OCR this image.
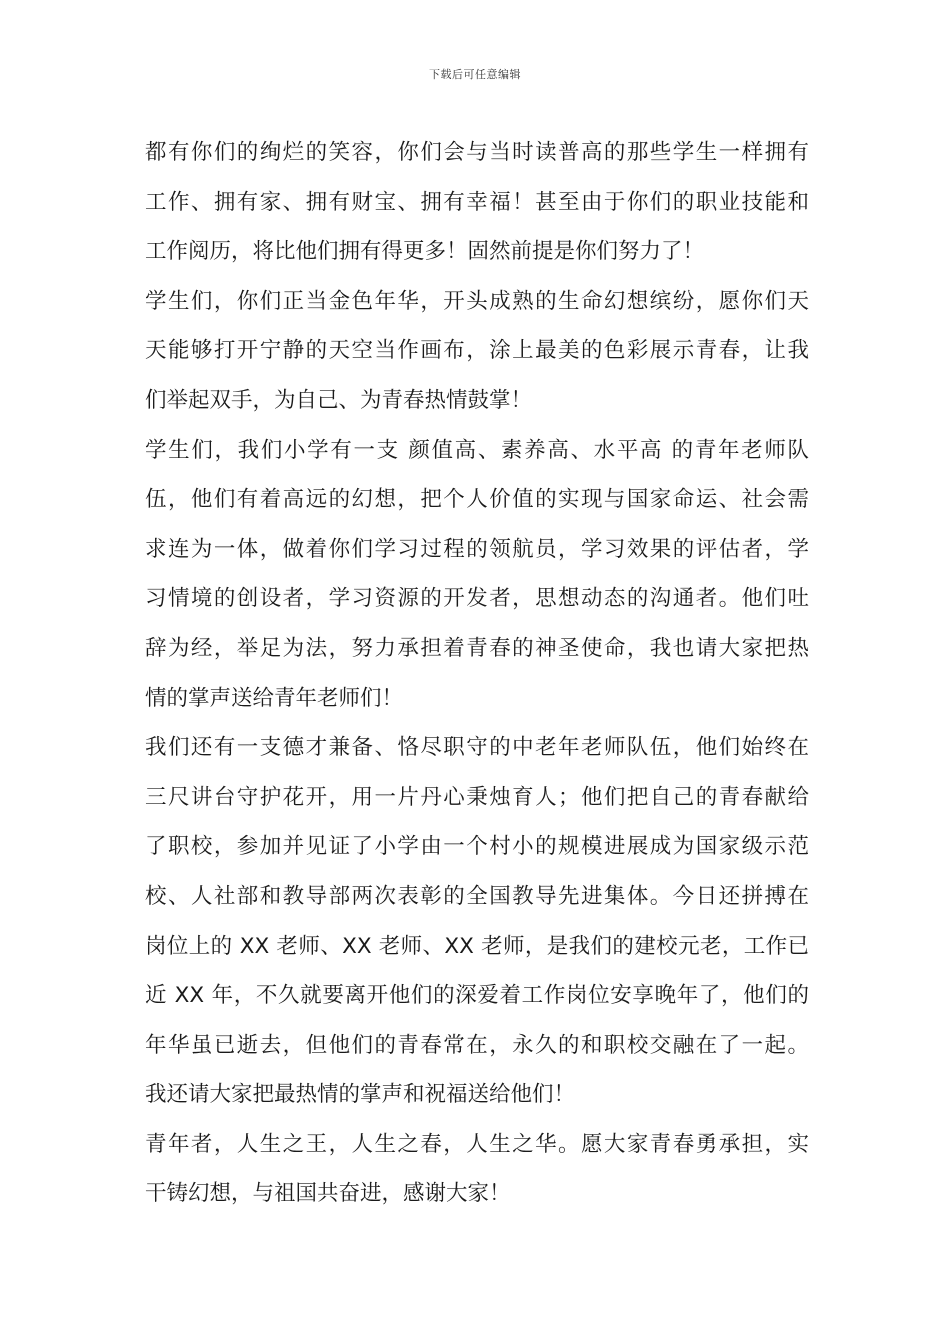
下载后可任意编辑
都有你们的绚烂的笑容，你们会与当时读普高的那些学生一样拥有
工作、拥有家、拥有财宝、拥有幸福！甚至由于你们的职业技能和
工作阅历，将比他们拥有得更多！固然前提是你们努力了！
学生们，你们正当金色年华，开头成熟的生命幻想缤纷，愿你们天
天能够打开宁静的天空当作画布，涂上最美的色彩展示青春，让我
们举起双手，为自己、为青春热情鼓掌！
学生们，我们小学有一支 颜值高、素养高、水平高 的青年老师队
伍，他们有着高远的幻想，把个人价值的实现与国家命运、社会需
求连为一体，做着你们学习过程的领航员，学习效果的评估者，学
习情境的创设者，学习资源的开发者，思想动态的沟通者。他们吐
辞为经，举足为法，努力承担着青春的神圣使命，我也请大家把热
情的掌声送给青年老师们！
我们还有一支德才兼备、恪尽职守的中老年老师队伍，他们始终在
三尺讲台守护花开，用一片丹心秉烛育人；他们把自己的青春献给
了职校，参加并见证了小学由一个村小的规模进展成为国家级示范
校、人社部和教导部两次表彰的全国教导先进集体。今日还拼搏在
岗位上的 XX 老师、XX 老师、XX 老师，是我们的建校元老，工作已
近 XX 年，不久就要离开他们的深爱着工作岗位安享晚年了，他们的
年华虽已逝去，但他们的青春常在，永久的和职校交融在了一起。
我还请大家把最热情的掌声和祝福送给他们！
青年者，人生之王，人生之春，人生之华。愿大家青春勇承担，实
干铸幻想，与祖国共奋进，感谢大家！
